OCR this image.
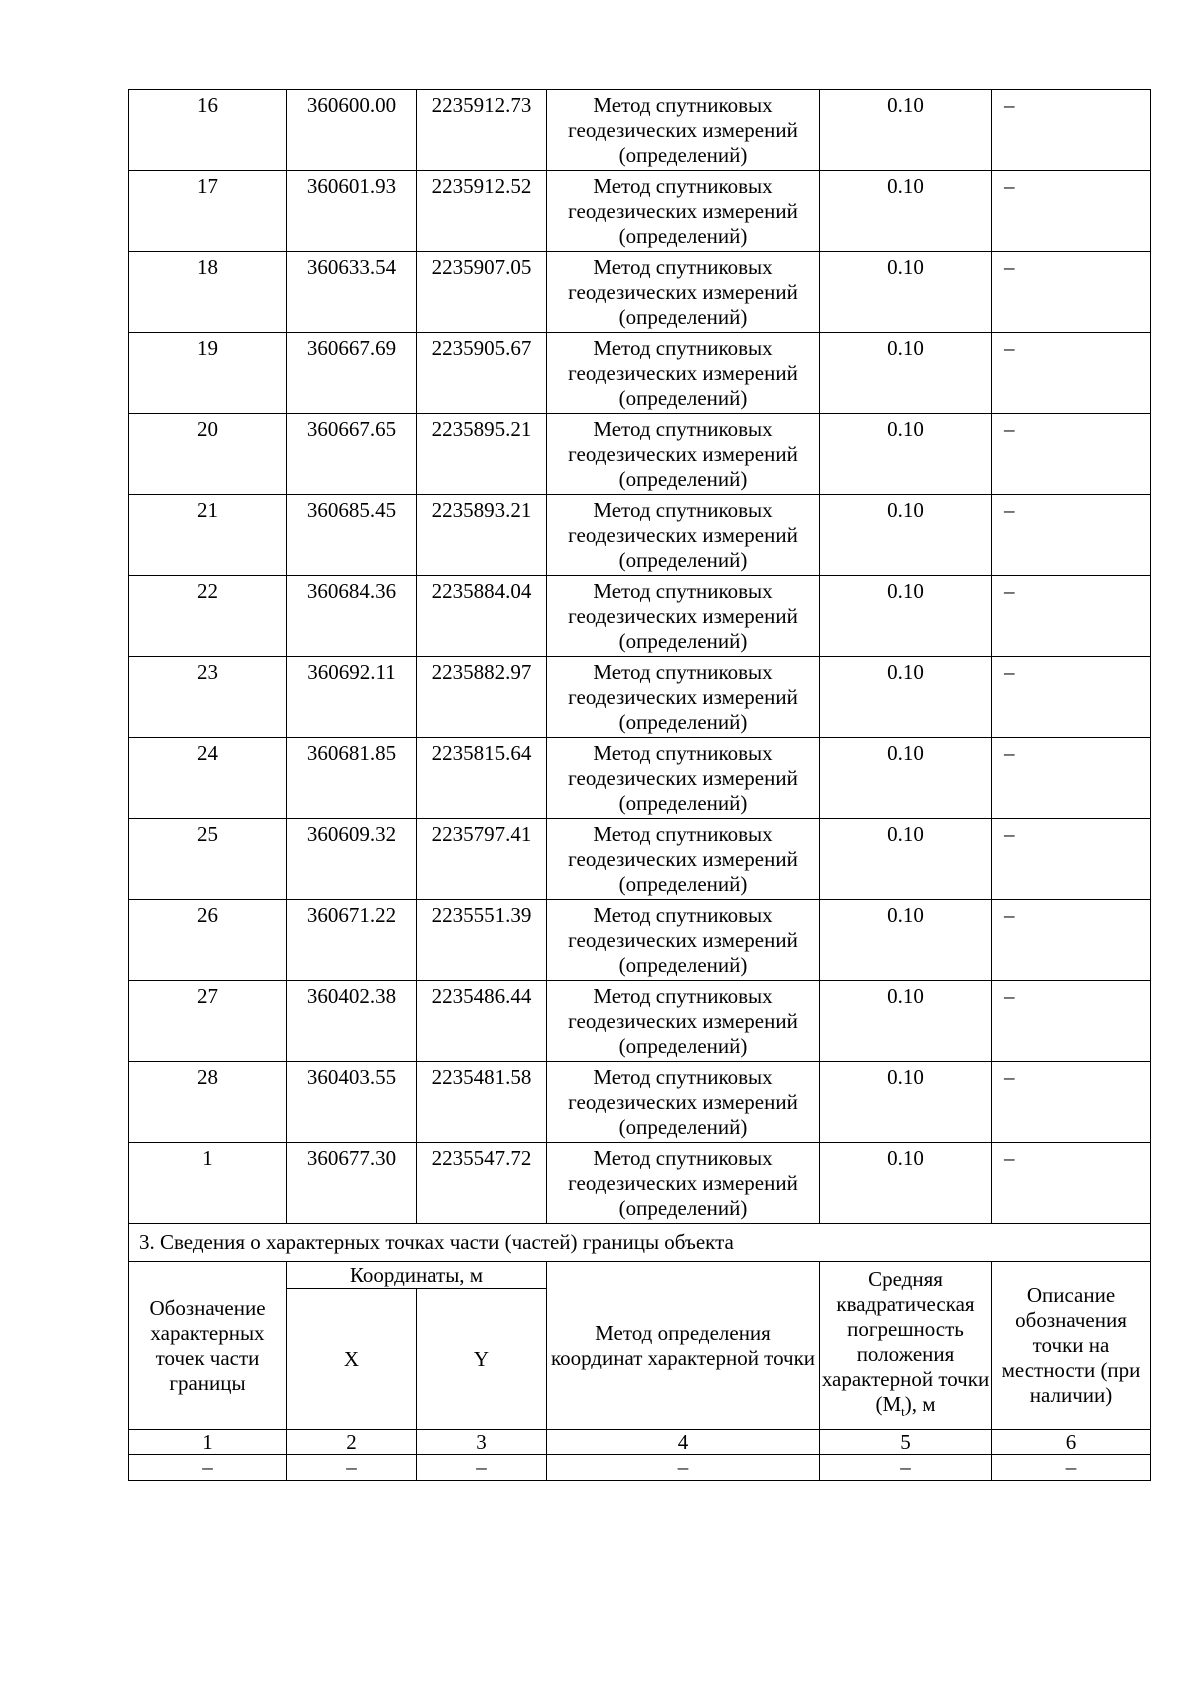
16	360600.00	2235912.73	Метод спутниковых геодезических измерений (определений)	0.10	–
17	360601.93	2235912.52	Метод спутниковых геодезических измерений (определений)	0.10	–
18	360633.54	2235907.05	Метод спутниковых геодезических измерений (определений)	0.10	–
19	360667.69	2235905.67	Метод спутниковых геодезических измерений (определений)	0.10	–
20	360667.65	2235895.21	Метод спутниковых геодезических измерений (определений)	0.10	–
21	360685.45	2235893.21	Метод спутниковых геодезических измерений (определений)	0.10	–
22	360684.36	2235884.04	Метод спутниковых геодезических измерений (определений)	0.10	–
23	360692.11	2235882.97	Метод спутниковых геодезических измерений (определений)	0.10	–
24	360681.85	2235815.64	Метод спутниковых геодезических измерений (определений)	0.10	–
25	360609.32	2235797.41	Метод спутниковых геодезических измерений (определений)	0.10	–
26	360671.22	2235551.39	Метод спутниковых геодезических измерений (определений)	0.10	–
27	360402.38	2235486.44	Метод спутниковых геодезических измерений (определений)	0.10	–
28	360403.55	2235481.58	Метод спутниковых геодезических измерений (определений)	0.10	–
1	360677.30	2235547.72	Метод спутниковых геодезических измерений (определений)	0.10	–
3. Сведения о характерных точках части (частей) границы объекта					
Обозначение характерных точек части границы	Координаты, м		Метод определения координат характерной точки	Средняя квадратическая погрешность положения характерной точки $(M_t)$, м	Описание обозначения точки на местности (при наличии)
	X	Y			
1	2	3	4	5	6
–	–	–	–	–	–
